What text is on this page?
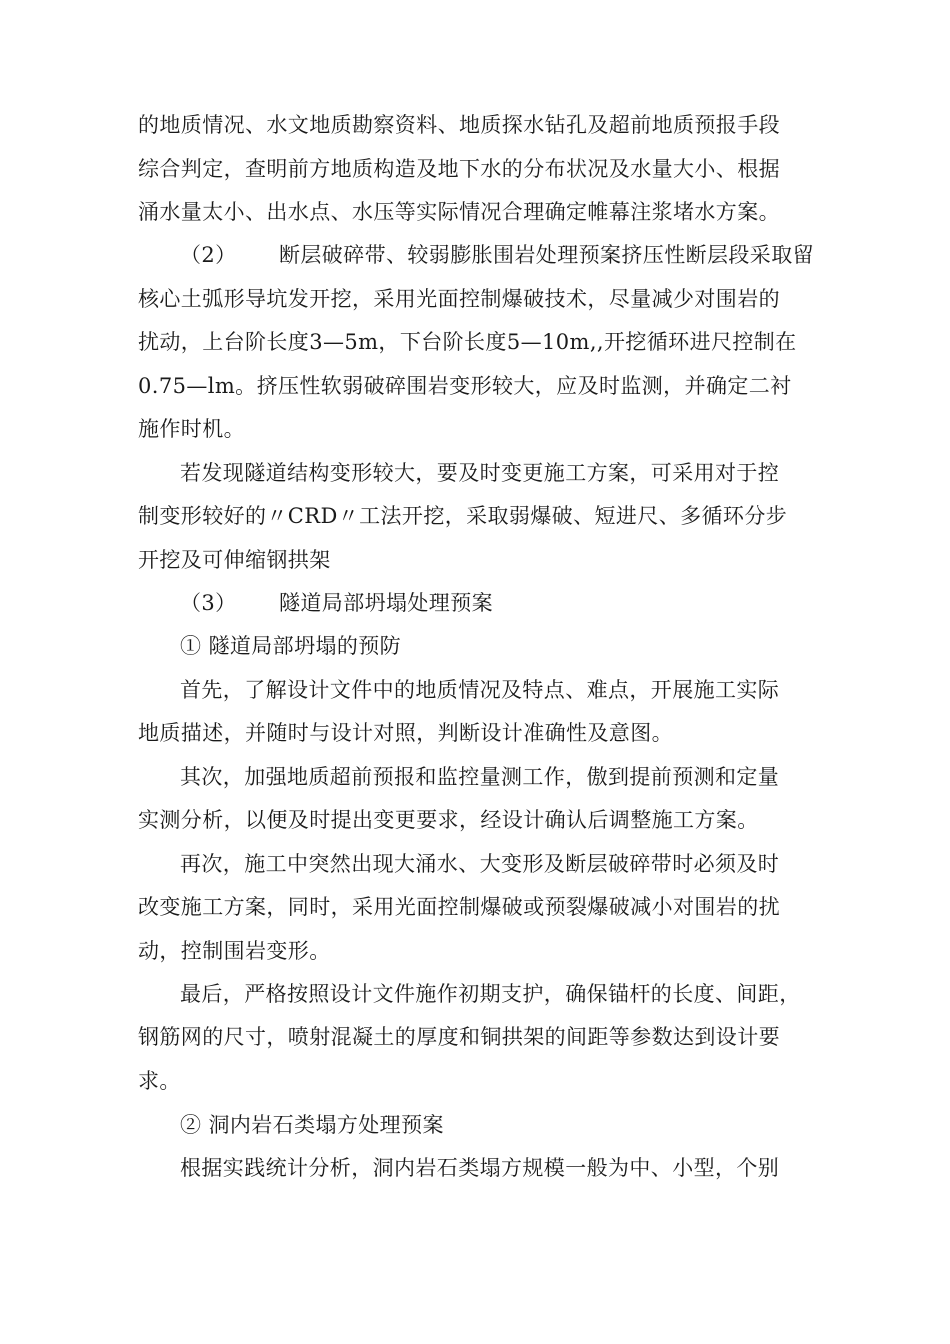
的地质情况、水文地质勘察资料、地质探水钻孔及超前地质预报手段
综合判定，查明前方地质构造及地下水的分布状况及水量大小、根据
涌水量太小、出水点、水压等实际情况合理确定帷幕注浆堵水方案。
（2）      断层破碎带、较弱膨胀围岩处理预案挤压性断层段采取留
核心土弧形导坑发开挖，采用光面控制爆破技术，尽量减少对围岩的
扰动，上台阶长度3—5m，下台阶长度5—10m,,开挖循环进尺控制在
0.75—lm。挤压性软弱破碎围岩变形较大，应及时监测，并确定二衬
施作时机。
若发现隧道结构变形较大，要及时变更施工方案，可采用对于控
制变形较好的〃CRD〃工法开挖，采取弱爆破、短进尺、多循环分步
开挖及可伸缩钢拱架
（3）      隧道局部坍塌处理预案
① 隧道局部坍塌的预防
首先，了解设计文件中的地质情况及特点、难点，开展施工实际
地质描述，并随时与设计对照，判断设计准确性及意图。
其次，加强地质超前预报和监控量测工作，傲到提前预测和定量
实测分析，以便及时提出变更要求，经设计确认后调整施工方案。
再次，施工中突然出现大涌水、大变形及断层破碎带时必须及时
改变施工方案，同时，采用光面控制爆破或预裂爆破减小对围岩的扰
动，控制围岩变形。
最后，严格按照设计文件施作初期支护，确保锚杆的长度、间距，
钢筋网的尺寸，喷射混凝土的厚度和铜拱架的间距等参数达到设计要
求。
② 洞内岩石类塌方处理预案
根据实践统计分析，洞内岩石类塌方规模一般为中、小型，个别
